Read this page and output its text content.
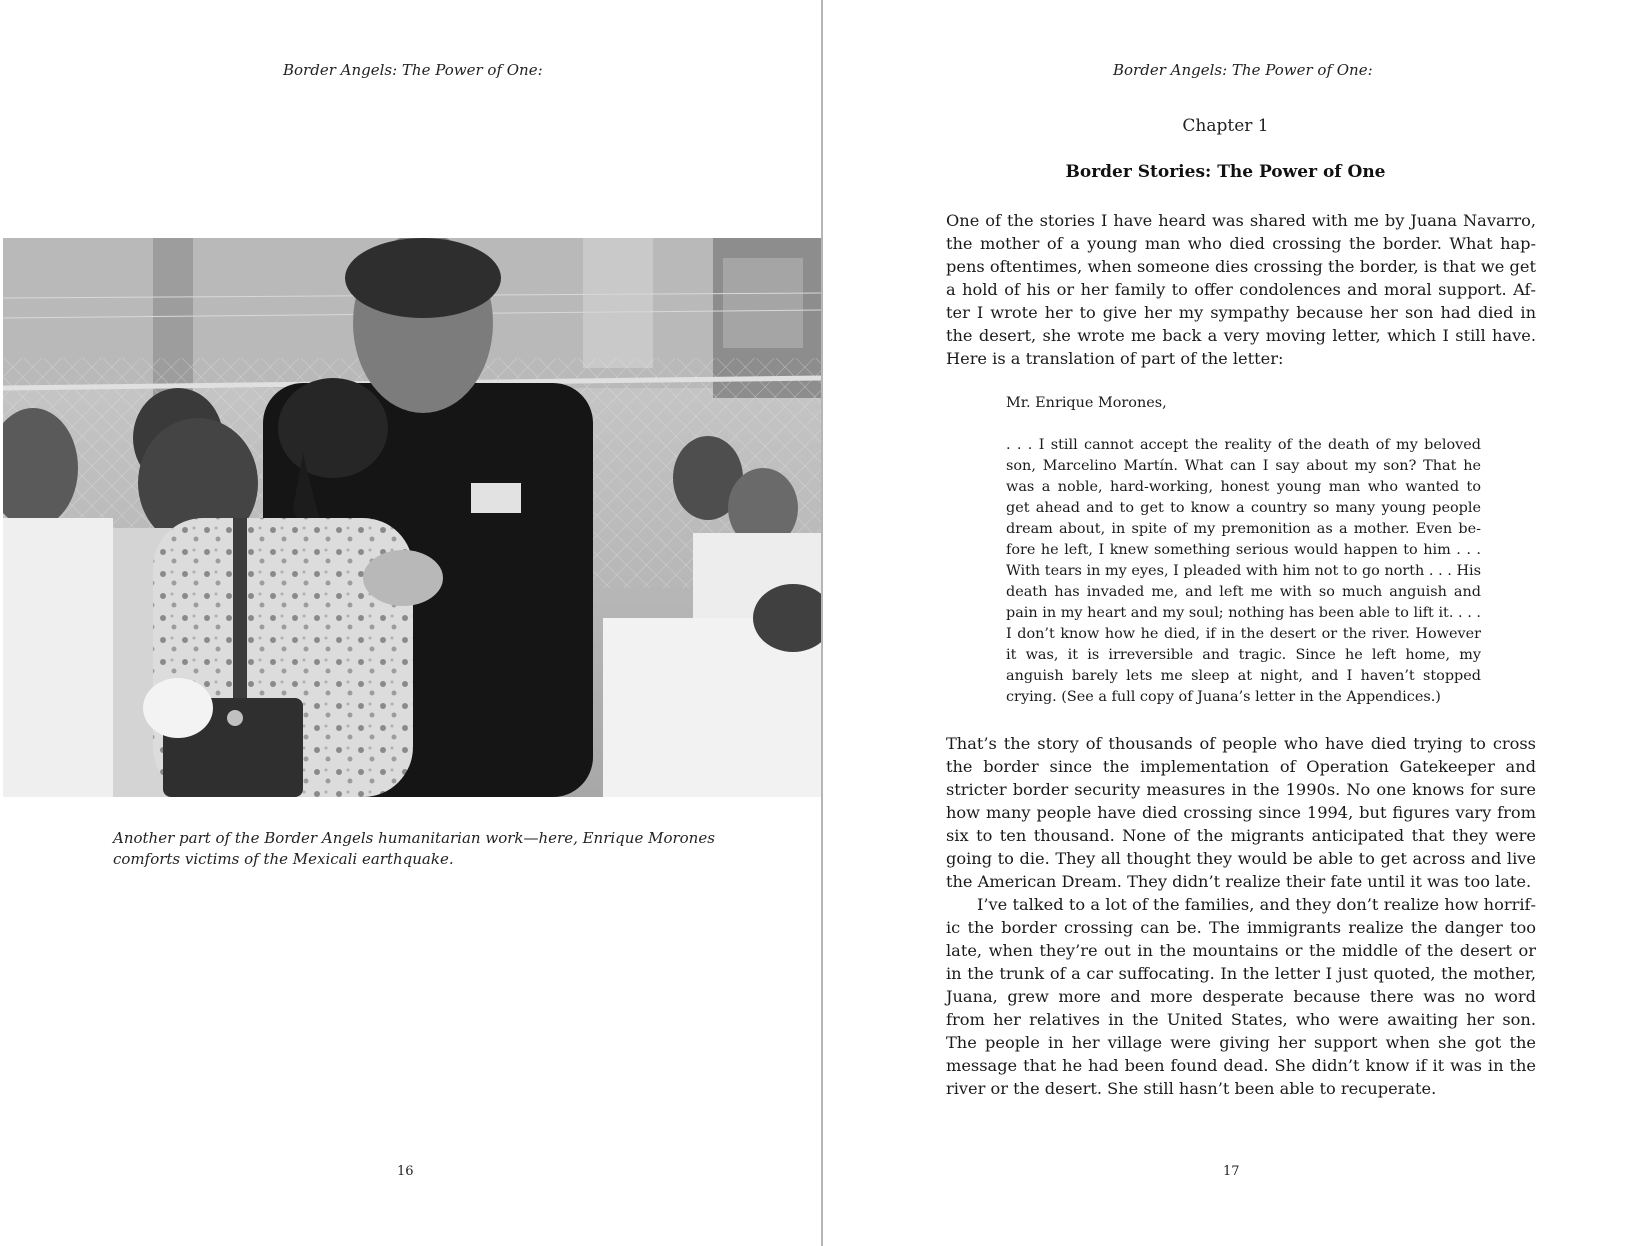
Border Angels: The Power of One:
Another part of the Border Angels humanitarian work—here, Enrique Morones comforts victims of the Mexicali earthquake.
16
Border Angels: The Power of One:
Chapter 1
Border Stories: The Power of One

One of the stories I have heard was shared with me by Juana Navarro, the mother of a young man who died crossing the border. What happens oftentimes, when someone dies crossing the border, is that we get a hold of his or her family to offer condolences and moral support. After I wrote her to give her my sympathy because her son had died in the desert, she wrote me back a very moving letter, which I still have. Here is a translation of part of the letter:

Mr. Enrique Morones,

. . . I still cannot accept the reality of the death of my beloved son, Marcelino Martín. What can I say about my son? That he was a noble, hard-working, honest young man who wanted to get ahead and to get to know a country so many young people dream about, in spite of my premonition as a mother. Even before he left, I knew something serious would happen to him . . . With tears in my eyes, I pleaded with him not to go north . . . His death has invaded me, and left me with so much anguish and pain in my heart and my soul; nothing has been able to lift it. . . . I don’t know how he died, if in the desert or the river. However it was, it is irreversible and tragic. Since he left home, my anguish barely lets me sleep at night, and I haven’t stopped crying. (See a full copy of Juana’s letter in the Appendices.)

That’s the story of thousands of people who have died trying to cross the border since the implementation of Operation Gatekeeper and stricter border security measures in the 1990s. No one knows for sure how many people have died crossing since 1994, but figures vary from six to ten thousand. None of the migrants anticipated that they were going to die. They all thought they would be able to get across and live the American Dream. They didn’t realize their fate until it was too late.

I’ve talked to a lot of the families, and they don’t realize how horrific the border crossing can be. The immigrants realize the danger too late, when they’re out in the mountains or the middle of the desert or in the trunk of a car suffocating. In the letter I just quoted, the mother, Juana, grew more and more desperate because there was no word from her relatives in the United States, who were awaiting her son. The people in her village were giving her support when she got the message that he had been found dead. She didn’t know if it was in the river or the desert. She still hasn’t been able to recuperate.

17
